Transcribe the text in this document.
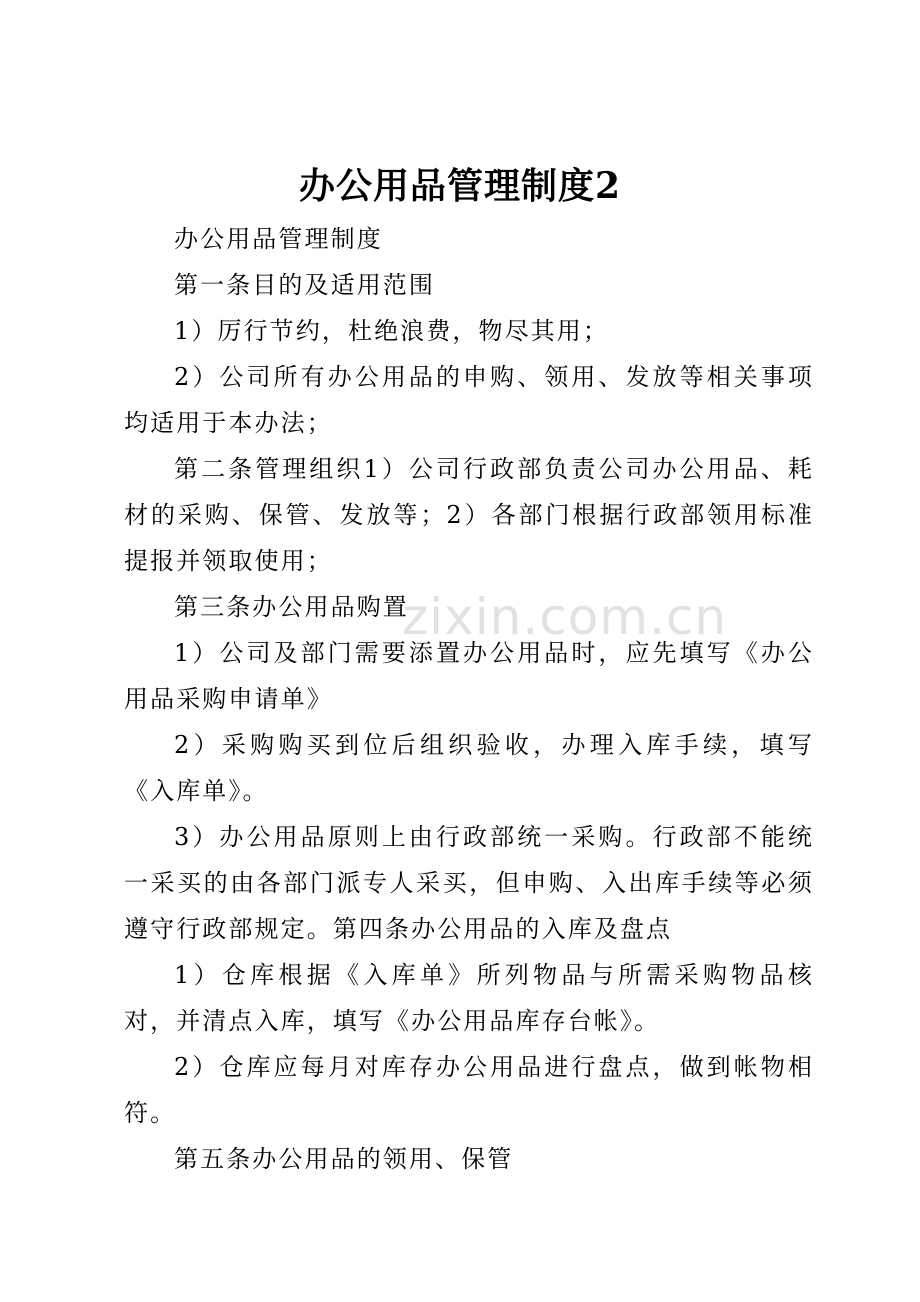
办公用品管理制度2

办公用品管理制度

第一条目的及适用范围

1）厉行节约，杜绝浪费，物尽其用；

2）公司所有办公用品的申购、领用、发放等相关事项均适用于本办法；

第二条管理组织1）公司行政部负责公司办公用品、耗材的采购、保管、发放等；2）各部门根据行政部领用标准提报并领取使用；

第三条办公用品购置

1）公司及部门需要添置办公用品时，应先填写《办公用品采购申请单》

2）采购购买到位后组织验收，办理入库手续，填写《入库单》。

3）办公用品原则上由行政部统一采购。行政部不能统一采买的由各部门派专人采买，但申购、入出库手续等必须遵守行政部规定。第四条办公用品的入库及盘点

1）仓库根据《入库单》所列物品与所需采购物品核对，并清点入库，填写《办公用品库存台帐》。

2）仓库应每月对库存办公用品进行盘点，做到帐物相符。

第五条办公用品的领用、保管

zixin.com.cn
